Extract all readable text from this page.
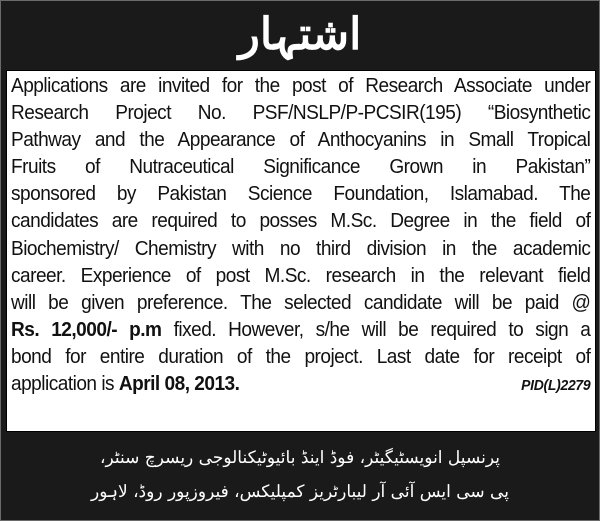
اشتہار
Applications are invited for the post of Research Associate under
Research Project No. PSF/NSLP/P-PCSIR(195) “Biosynthetic
Pathway and the Appearance of Anthocyanins in Small Tropical
Fruits of Nutraceutical Significance Grown in Pakistan”
sponsored by Pakistan Science Foundation, Islamabad. The
candidates are required to posses M.Sc. Degree in the field of
Biochemistry/ Chemistry with no third division in the academic
career. Experience of post M.Sc. research in the relevant field
will be given preference. The selected candidate will be paid @
Rs. 12,000/- p.m fixed. However, s/he will be required to sign a
bond for entire duration of the project. Last date for receipt of
application is April 08, 2013.	PID(L)2279
پرنسپل انویسٹیگیٹر، فوڈ اینڈ بائیوٹیکنالوجی ریسرچ سنٹر،
پی سی ایس آئی آر لیبارٹریز کمپلیکس، فیروزپور روڈ، لاہور
